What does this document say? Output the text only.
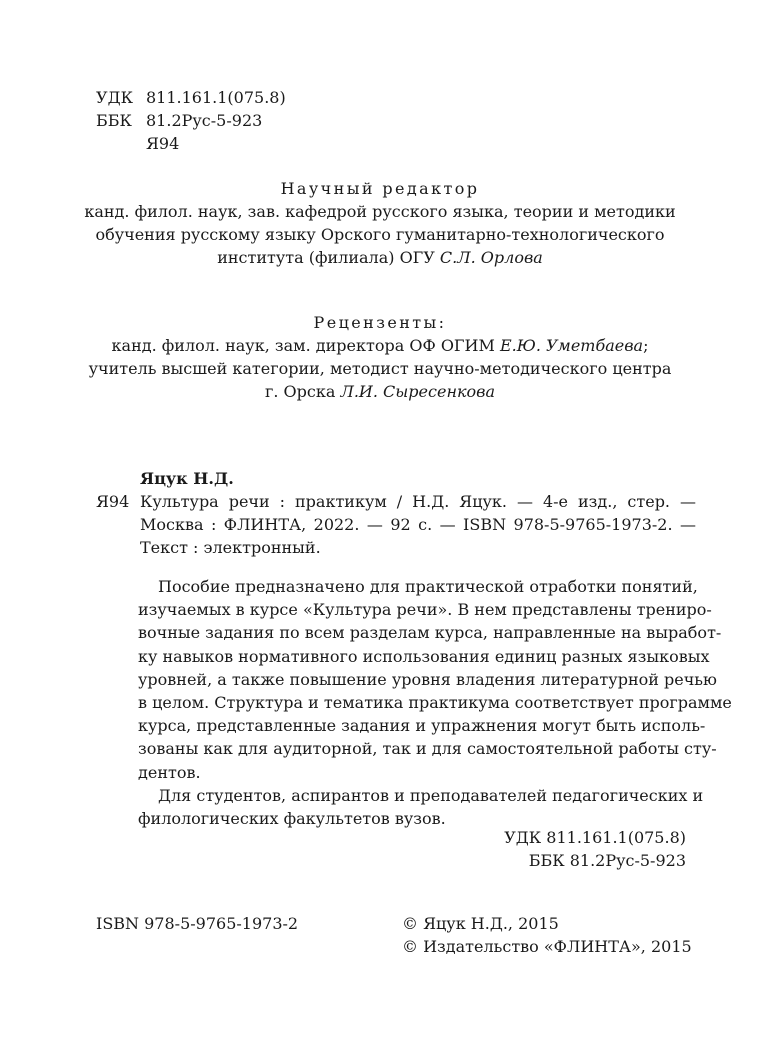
УДК 811.161.1(075.8)
ББК 81.2Рус-5-923
Я94
Научный редактор
канд. филол. наук, зав. кафедрой русского языка, теории и методики
обучения русскому языку Орского гуманитарно-технологического
института (филиала) ОГУ С.Л. Орлова
Рецензенты:
канд. филол. наук, зам. директора ОФ ОГИМ Е.Ю. Уметбаева;
учитель высшей категории, методист научно-методического центра
г. Орска Л.И. Сыресенкова
Яцук Н.Д.
Я94 Культура речи : практикум / Н.Д. Яцук. — 4-е изд., стер. —
Москва : ФЛИНТА, 2022. — 92 с. — ISBN 978-5-9765-1973-2. —
Текст : электронный.

Пособие предназначено для практической отработки понятий,
изучаемых в курсе «Культура речи». В нем представлены трениро-
вочные задания по всем разделам курса, направленные на выработ-
ку навыков нормативного использования единиц разных языковых
уровней, а также повышение уровня владения литературной речью
в целом. Структура и тематика практикума соответствует программе
курса, представленные задания и упражнения могут быть исполь-
зованы как для аудиторной, так и для самостоятельной работы сту-
дентов.

Для студентов, аспирантов и преподавателей педагогических и
филологических факультетов вузов.

УДК 811.161.1(075.8)
ББК 81.2Рус-5-923
ISBN 978-5-9765-1973-2	© Яцук Н.Д., 2015
© Издательство «ФЛИНТА», 2015
